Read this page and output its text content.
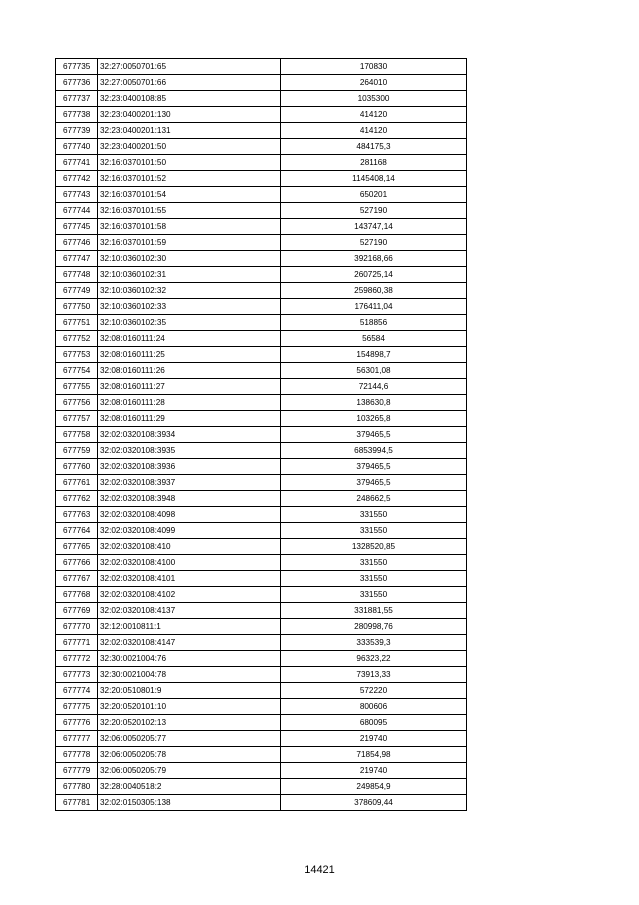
677735	32:27:0050701:65	170830
677736	32:27:0050701:66	264010
677737	32:23:0400108:85	1035300
677738	32:23:0400201:130	414120
677739	32:23:0400201:131	414120
677740	32:23:0400201:50	484175,3
677741	32:16:0370101:50	281168
677742	32:16:0370101:52	1145408,14
677743	32:16:0370101:54	650201
677744	32:16:0370101:55	527190
677745	32:16:0370101:58	143747,14
677746	32:16:0370101:59	527190
677747	32:10:0360102:30	392168,66
677748	32:10:0360102:31	260725,14
677749	32:10:0360102:32	259860,38
677750	32:10:0360102:33	176411,04
677751	32:10:0360102:35	518856
677752	32:08:0160111:24	56584
677753	32:08:0160111:25	154898,7
677754	32:08:0160111:26	56301,08
677755	32:08:0160111:27	72144,6
677756	32:08:0160111:28	138630,8
677757	32:08:0160111:29	103265,8
677758	32:02:0320108:3934	379465,5
677759	32:02:0320108:3935	6853994,5
677760	32:02:0320108:3936	379465,5
677761	32:02:0320108:3937	379465,5
677762	32:02:0320108:3948	248662,5
677763	32:02:0320108:4098	331550
677764	32:02:0320108:4099	331550
677765	32:02:0320108:410	1328520,85
677766	32:02:0320108:4100	331550
677767	32:02:0320108:4101	331550
677768	32:02:0320108:4102	331550
677769	32:02:0320108:4137	331881,55
677770	32:12:0010811:1	280998,76
677771	32:02:0320108:4147	333539,3
677772	32:30:0021004:76	96323,22
677773	32:30:0021004:78	73913,33
677774	32:20:0510801:9	572220
677775	32:20:0520101:10	800606
677776	32:20:0520102:13	680095
677777	32:06:0050205:77	219740
677778	32:06:0050205:78	71854,98
677779	32:06:0050205:79	219740
677780	32:28:0040518:2	249854,9
677781	32:02:0150305:138	378609,44
14421
